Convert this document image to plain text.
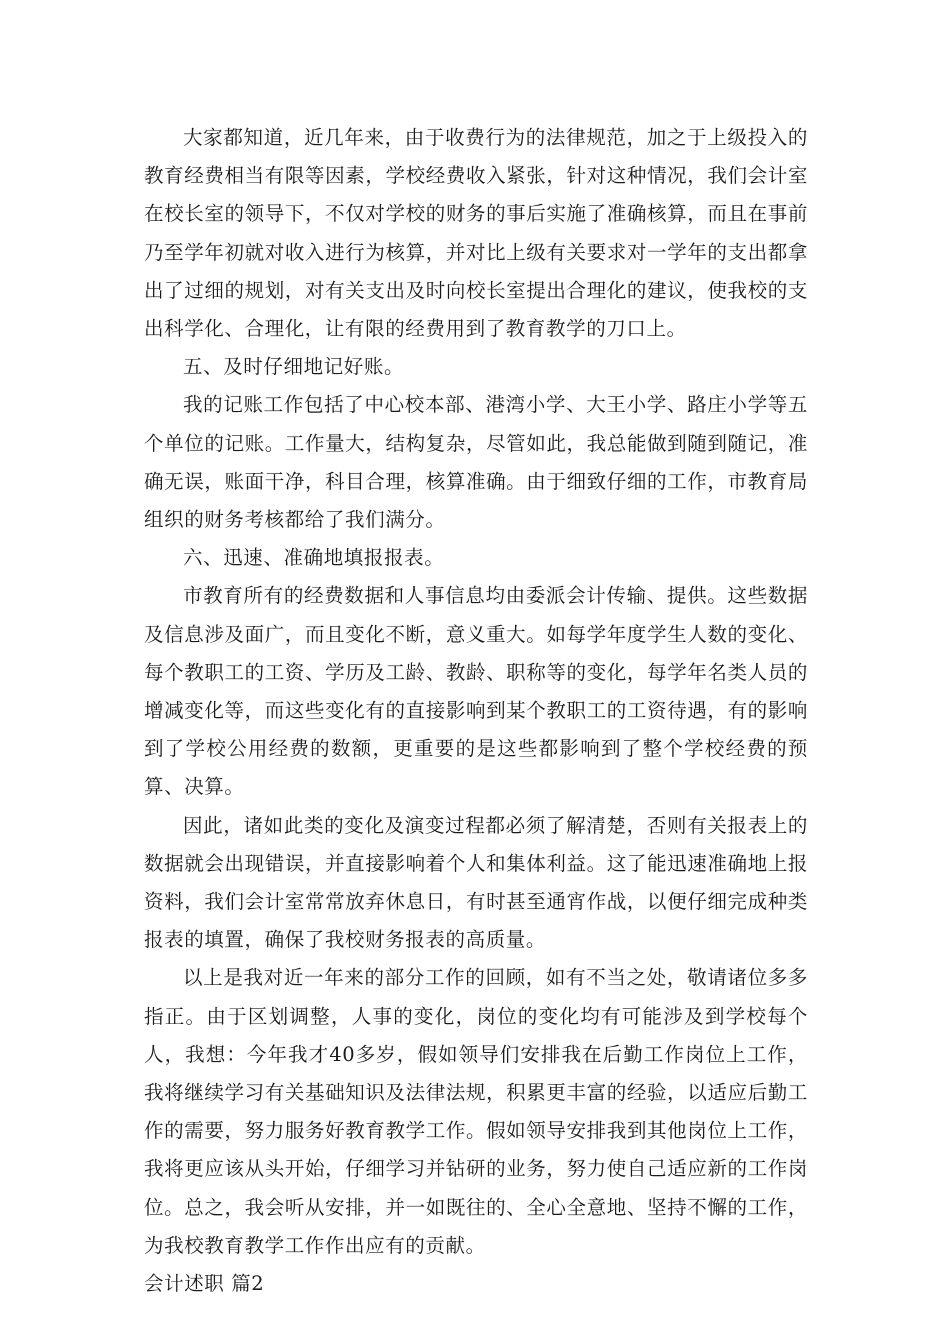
大家都知道，近几年来，由于收费行为的法律规范，加之于上级投入的教育经费相当有限等因素，学校经费收入紧张，针对这种情况，我们会计室在校长室的领导下，不仅对学校的财务的事后实施了准确核算，而且在事前乃至学年初就对收入进行为核算，并对比上级有关要求对一学年的支出都拿出了过细的规划，对有关支出及时向校长室提出合理化的建议，使我校的支出科学化、合理化，让有限的经费用到了教育教学的刀口上。

五、及时仔细地记好账。

我的记账工作包括了中心校本部、港湾小学、大王小学、路庄小学等五个单位的记账。工作量大，结构复杂，尽管如此，我总能做到随到随记，准确无误，账面干净，科目合理，核算准确。由于细致仔细的工作，市教育局组织的财务考核都给了我们满分。

六、迅速、准确地填报报表。

市教育所有的经费数据和人事信息均由委派会计传输、提供。这些数据及信息涉及面广，而且变化不断，意义重大。如每学年度学生人数的变化、每个教职工的工资、学历及工龄、教龄、职称等的变化，每学年名类人员的增减变化等，而这些变化有的直接影响到某个教职工的工资待遇，有的影响到了学校公用经费的数额，更重要的是这些都影响到了整个学校经费的预算、决算。

因此，诸如此类的变化及演变过程都必须了解清楚，否则有关报表上的数据就会出现错误，并直接影响着个人和集体利益。这了能迅速准确地上报资料，我们会计室常常放弃休息日，有时甚至通宵作战，以便仔细完成种类报表的填置，确保了我校财务报表的高质量。

以上是我对近一年来的部分工作的回顾，如有不当之处，敬请诸位多多指正。由于区划调整，人事的变化，岗位的变化均有可能涉及到学校每个人，我想：今年我才40多岁，假如领导们安排我在后勤工作岗位上工作，我将继续学习有关基础知识及法律法规，积累更丰富的经验，以适应后勤工作的需要，努力服务好教育教学工作。假如领导安排我到其他岗位上工作，我将更应该从头开始，仔细学习并钻研的业务，努力使自己适应新的工作岗位。总之，我会听从安排，并一如既往的、全心全意地、坚持不懈的工作，为我校教育教学工作作出应有的贡献。

会计述职 篇2
